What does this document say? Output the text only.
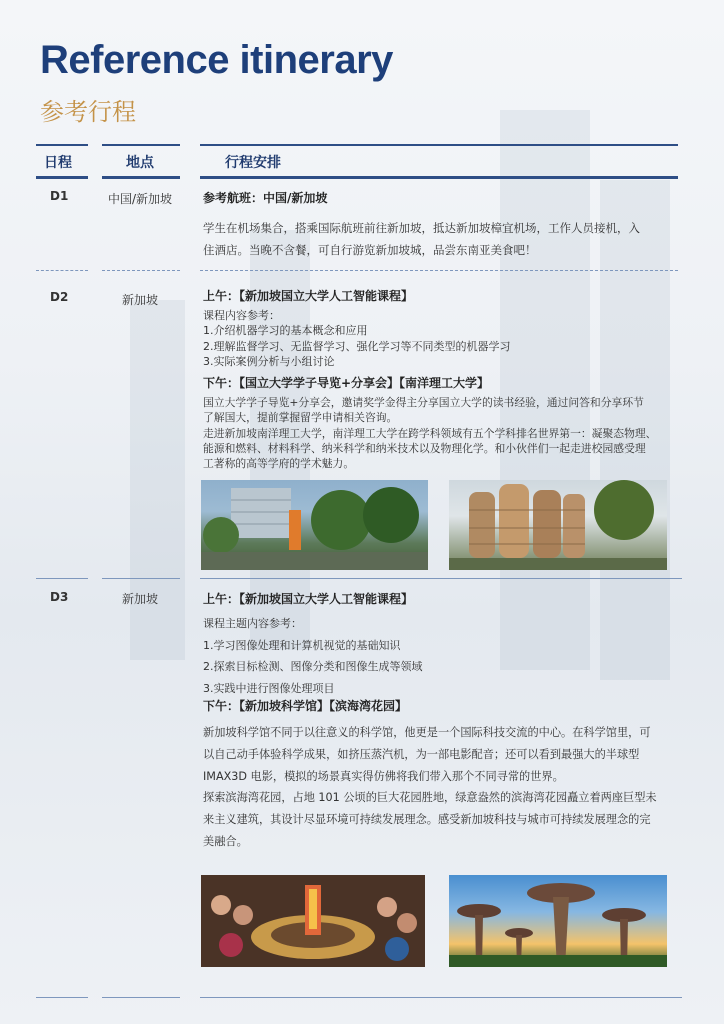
Reference itinerary
参考行程
日程	地点	行程安排
D1	中国/新加坡	参考航班：中国/新加坡
学生在机场集合，搭乘国际航班前往新加坡，抵达新加坡樟宜机场，工作人员接机，入
住酒店。当晚不含餐，可自行游览新加坡城，品尝东南亚美食吧！
D2	新加坡	上午：【新加坡国立大学人工智能课程】
课程内容参考：
1.介绍机器学习的基本概念和应用
2.理解监督学习、无监督学习、强化学习等不同类型的机器学习
3.实际案例分析与小组讨论
下午：【国立大学学子导览+分享会】【南洋理工大学】
国立大学学子导览+分享会，邀请奖学金得主分享国立大学的读书经验，通过问答和分享环节
了解国大，提前掌握留学申请相关咨询。
走进新加坡南洋理工大学，南洋理工大学在跨学科领域有五个学科排名世界第一：凝聚态物理、
能源和燃料、材料科学、纳米科学和纳米技术以及物理化学。和小伙伴们一起走进校园感受理
工著称的高等学府的学术魅力。
D3	新加坡	上午：【新加坡国立大学人工智能课程】
课程主题内容参考：
1.学习图像处理和计算机视觉的基础知识
2.探索目标检测、图像分类和图像生成等领域
3.实践中进行图像处理项目
下午：【新加坡科学馆】【滨海湾花园】
新加坡科学馆不同于以往意义的科学馆，他更是一个国际科技交流的中心。在科学馆里，可
以自己动手体验科学成果，如挤压蒸汽机，为一部电影配音；还可以看到最强大的半球型
IMAX3D 电影，模拟的场景真实得仿佛将我们带入那个不同寻常的世界。
探索滨海湾花园，占地 101 公顷的巨大花园胜地，绿意盎然的滨海湾花园矗立着两座巨型未
来主义建筑，其设计尽显环境可持续发展理念。感受新加坡科技与城市可持续发展理念的完
美融合。
